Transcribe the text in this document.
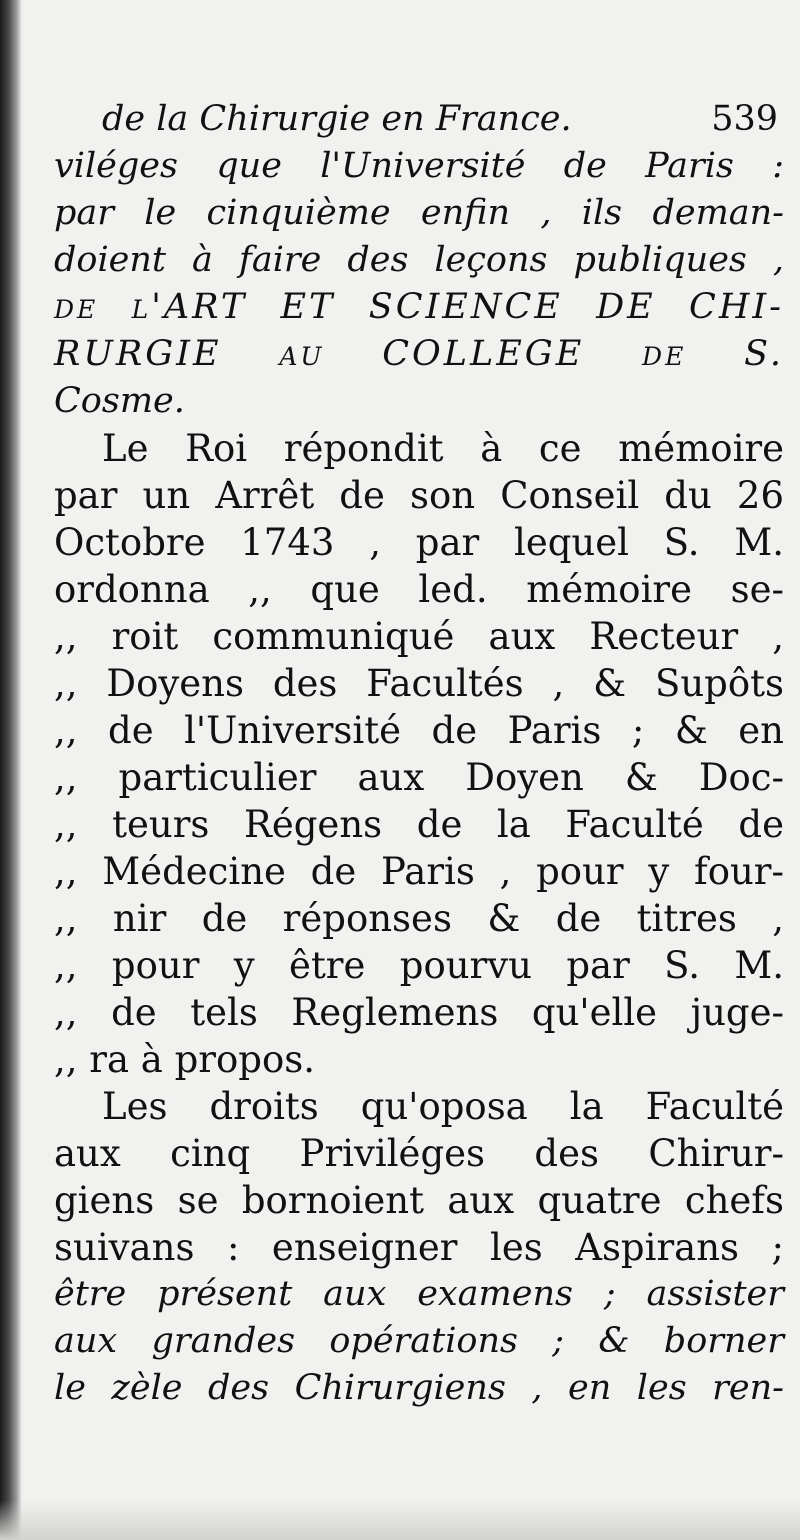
de la Chirurgie en France.	539
viléges que l'Université de Paris :
par le cinquième enfin , ils deman-
doient à faire des leçons publiques ,
de l'ART ET SCIENCE DE CHI-
RURGIE au COLLEGE de S.
Cosme.
Le Roi répondit à ce mémoire
par un Arrêt de son Conseil du 26
Octobre 1743 , par lequel S. M.
ordonna ,, que led. mémoire se-
,, roit communiqué aux Recteur ,
,, Doyens des Facultés , & Supôts
,, de l'Université de Paris ; & en
,, particulier aux Doyen & Doc-
,, teurs Régens de la Faculté de
,, Médecine de Paris , pour y four-
,, nir de réponses & de titres ,
,, pour y être pourvu par S. M.
,, de tels Reglemens qu'elle juge-
,, ra à propos.
Les droits qu'oposa la Faculté
aux cinq Priviléges des Chirur-
giens se bornoient aux quatre chefs
suivans : enseigner les Aspirans ;
être présent aux examens ; assister
aux grandes opérations ; & borner
le zèle des Chirurgiens , en les ren-
